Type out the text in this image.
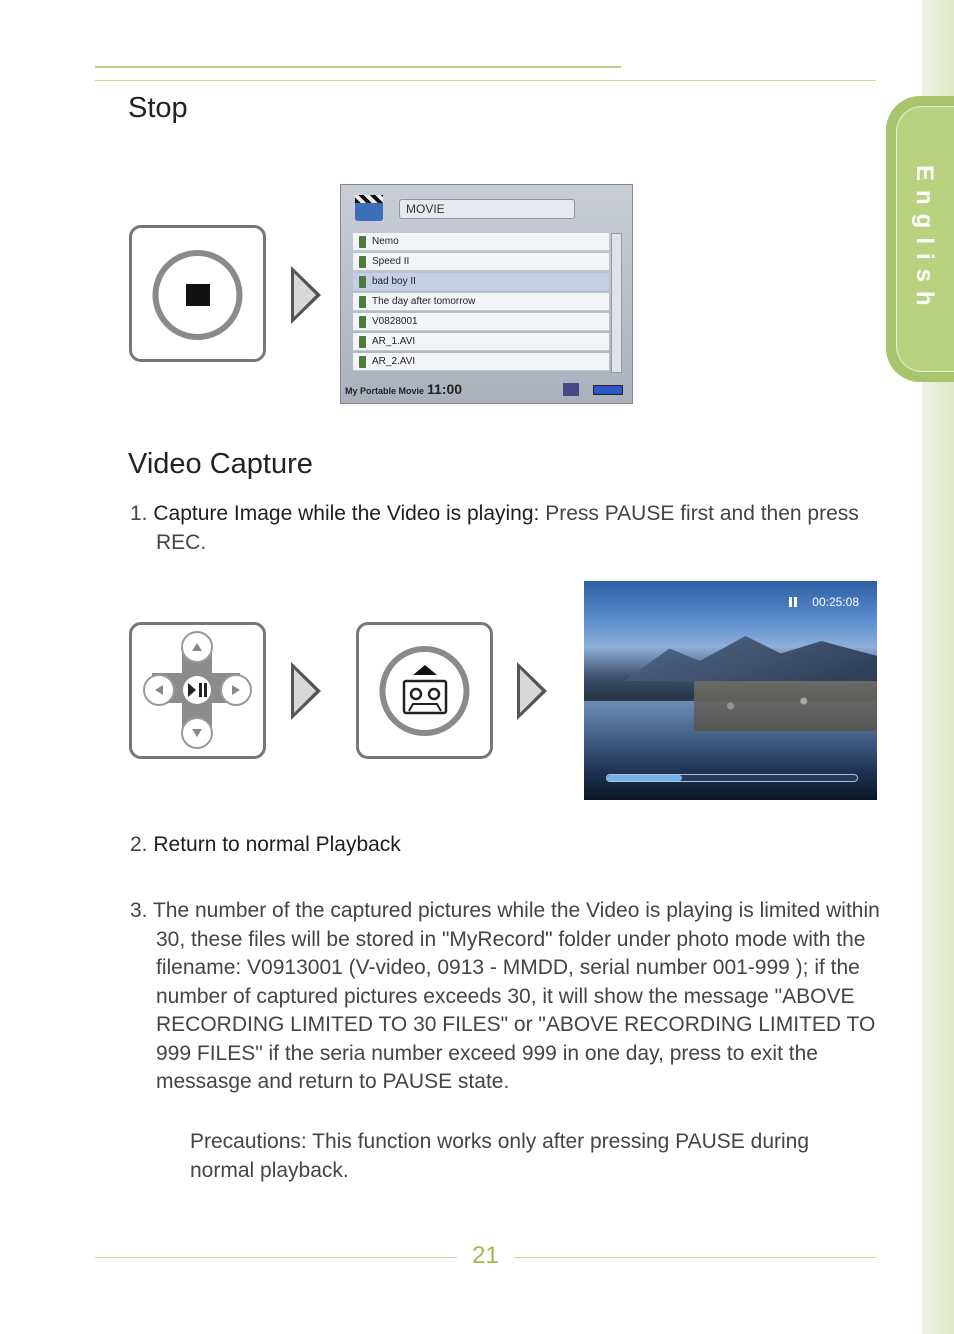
English
Stop
MOVIE
Nemo
Speed II
bad boy II
The day after tomorrow
V0828001
AR_1.AVI
AR_2.AVI
My Portable Movie 11:00
Video Capture

1. Capture Image while the Video is playing: Press PAUSE first and then press REC.

00:25:08

2. Return to normal Playback

3. The number of the captured pictures while the Video is playing is limited within 30, these files will be stored in "MyRecord" folder under photo mode with the filename: V0913001 (V-video, 0913 - MMDD, serial number 001-999 ); if the number of captured pictures exceeds 30, it will show the message "ABOVE RECORDING LIMITED TO 30 FILES" or "ABOVE RECORDING LIMITED TO 999 FILES" if the seria number exceed 999 in one day, press to exit the messasge and return to PAUSE state.

Precautions: This function works only after pressing PAUSE during normal playback.

21
